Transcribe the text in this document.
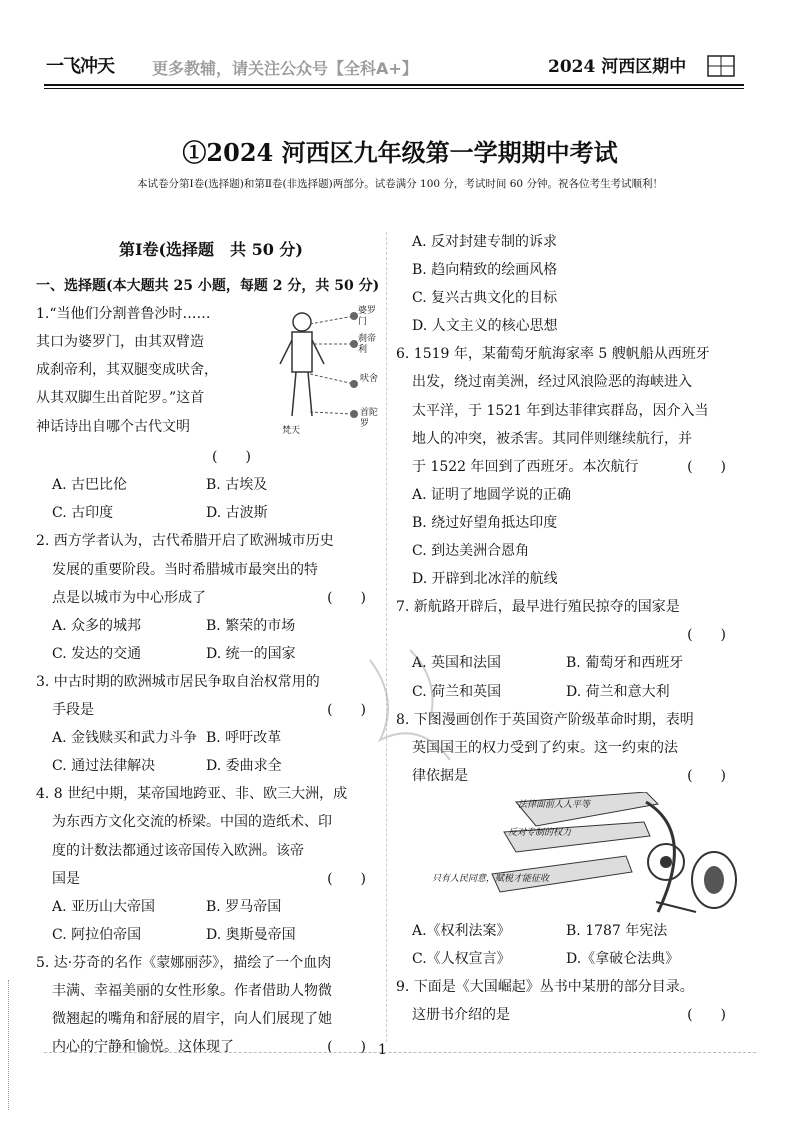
一飞冲天 更多教辅，请关注公众号【全科A+】	2024 河西区期中
①2024 河西区九年级第一学期期中考试
本试卷分第Ⅰ卷(选择题)和第Ⅱ卷(非选择题)两部分。试卷满分 100 分，考试时间 60 分钟。祝各位考生考试顺利！
第Ⅰ卷(选择题　共 50 分)
一、选择题(本大题共 25 小题，每题 2 分，共 50 分)
1.“当他们分割普鲁沙时……
其口为婆罗门，由其双臂造
成刹帝利，其双腿变成吠舍，
从其双脚生出首陀罗。”这首
神话诗出自哪个古代文明
婆罗门
刹帝利
吠舍
首陀罗
梵天
(　　)
A. 古巴比伦	B. 古埃及
C. 古印度	D. 古波斯
2. 西方学者认为，古代希腊开启了欧洲城市历史
发展的重要阶段。当时希腊城市最突出的特
点是以城市为中心形成了	(　　)
A. 众多的城邦	B. 繁荣的市场
C. 发达的交通	D. 统一的国家
3. 中古时期的欧洲城市居民争取自治权常用的
手段是	(　　)
A. 金钱赎买和武力斗争 B. 呼吁改革
C. 通过法律解决	D. 委曲求全
4. 8 世纪中期，某帝国地跨亚、非、欧三大洲，成
为东西方文化交流的桥梁。中国的造纸术、印
度的计数法都通过该帝国传入欧洲。该帝
国是	(　　)
A. 亚历山大帝国	B. 罗马帝国
C. 阿拉伯帝国	D. 奥斯曼帝国
5. 达·芬奇的名作《蒙娜丽莎》，描绘了一个血肉
丰满、幸福美丽的女性形象。作者借助人物微
微翘起的嘴角和舒展的眉宇，向人们展现了她
内心的宁静和愉悦。这体现了	(　　)
A. 反对封建专制的诉求
B. 趋向精致的绘画风格
C. 复兴古典文化的目标
D. 人文主义的核心思想
6. 1519 年，某葡萄牙航海家率 5 艘帆船从西班牙
出发，绕过南美洲，经过风浪险恶的海峡进入
太平洋，于 1521 年到达菲律宾群岛，因介入当
地人的冲突，被杀害。其同伴则继续航行，并
于 1522 年回到了西班牙。本次航行	(　　)
A. 证明了地圆学说的正确
B. 绕过好望角抵达印度
C. 到达美洲合恩角
D. 开辟到北冰洋的航线
7. 新航路开辟后，最早进行殖民掠夺的国家是
(　　)
A. 英国和法国	B. 葡萄牙和西班牙
C. 荷兰和英国	D. 荷兰和意大利
8. 下图漫画创作于英国资产阶级革命时期，表明
英国国王的权力受到了约束。这一约束的法
律依据是	(　　)
法律面前人人平等
反对专制的权力
只有人民同意，赋税才能征收
A.《权利法案》	B. 1787 年宪法
C.《人权宣言》	D.《拿破仑法典》
9. 下面是《大国崛起》丛书中某册的部分目录。
这册书介绍的是	(　　)
1
